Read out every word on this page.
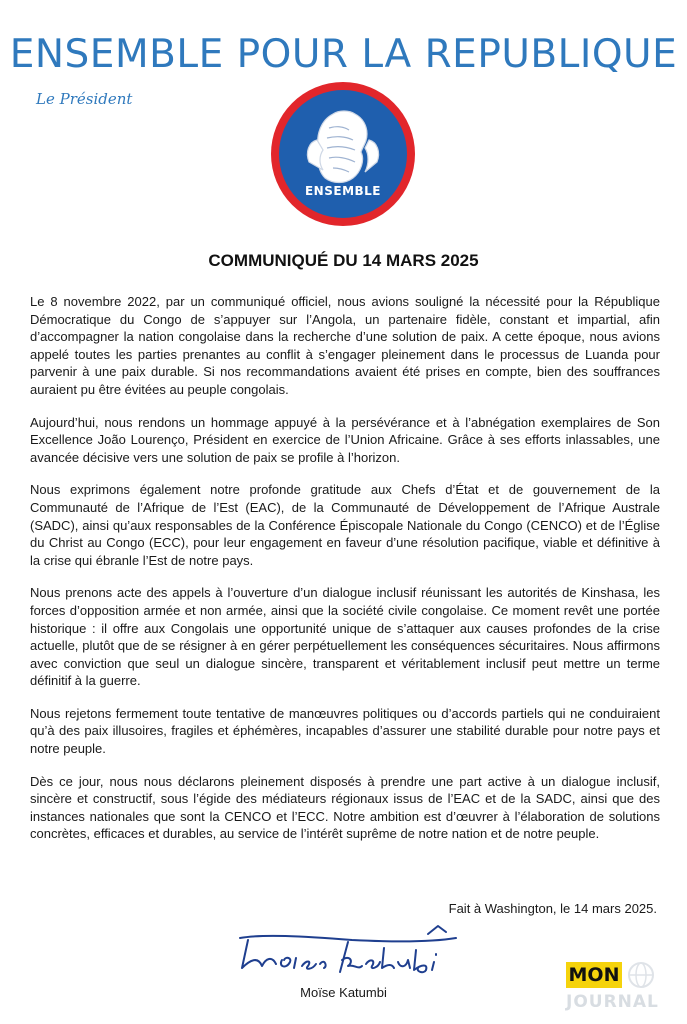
ENSEMBLE POUR LA REPUBLIQUE
Le Président
ENSEMBLE
COMMUNIQUÉ DU 14 MARS 2025

Le 8 novembre 2022, par un communiqué officiel, nous avions souligné la nécessité pour la République Démocratique du Congo de s’appuyer sur l’Angola, un partenaire fidèle, constant et impartial, afin d’accompagner la nation congolaise dans la recherche d’une solution de paix. A cette époque, nous avions appelé toutes les parties prenantes au conflit à s’engager pleinement dans le processus de Luanda pour parvenir à une paix durable. Si nos recommandations avaient été prises en compte, bien des souffrances auraient pu être évitées au peuple congolais.

Aujourd’hui, nous rendons un hommage appuyé à la persévérance et à l’abnégation exemplaires de Son Excellence João Lourenço, Président en exercice de l’Union Africaine. Grâce à ses efforts inlassables, une avancée décisive vers une solution de paix se profile à l’horizon.

Nous exprimons également notre profonde gratitude aux Chefs d’État et de gouvernement de la Communauté de l’Afrique de l’Est (EAC), de la Communauté de Développement de l’Afrique Australe (SADC), ainsi qu’aux responsables de la Conférence Épiscopale Nationale du Congo (CENCO) et de l’Église du Christ au Congo (ECC), pour leur engagement en faveur d’une résolution pacifique, viable et définitive à la crise qui ébranle l’Est de notre pays.

Nous prenons acte des appels à l’ouverture d’un dialogue inclusif réunissant les autorités de Kinshasa, les forces d’opposition armée et non armée, ainsi que la société civile congolaise. Ce moment revêt une portée historique : il offre aux Congolais une opportunité unique de s’attaquer aux causes profondes de la crise actuelle, plutôt que de se résigner à en gérer perpétuellement les conséquences sécuritaires. Nous affirmons avec conviction que seul un dialogue sincère, transparent et véritablement inclusif peut mettre un terme définitif à la guerre.

Nous rejetons fermement toute tentative de manœuvres politiques ou d’accords partiels qui ne conduiraient qu’à des paix illusoires, fragiles et éphémères, incapables d’assurer une stabilité durable pour notre pays et notre peuple.

Dès ce jour, nous nous déclarons pleinement disposés à prendre une part active à un dialogue inclusif, sincère et constructif, sous l’égide des médiateurs régionaux issus de l’EAC et de la SADC, ainsi que des instances nationales que sont la CENCO et l’ECC. Notre ambition est d’œuvrer à l’élaboration de solutions concrètes, efficaces et durables, au service de l’intérêt suprême de notre nation et de notre peuple.

Fait à Washington, le 14 mars 2025.
Moïse Katumbi
MON
JOURNAL
